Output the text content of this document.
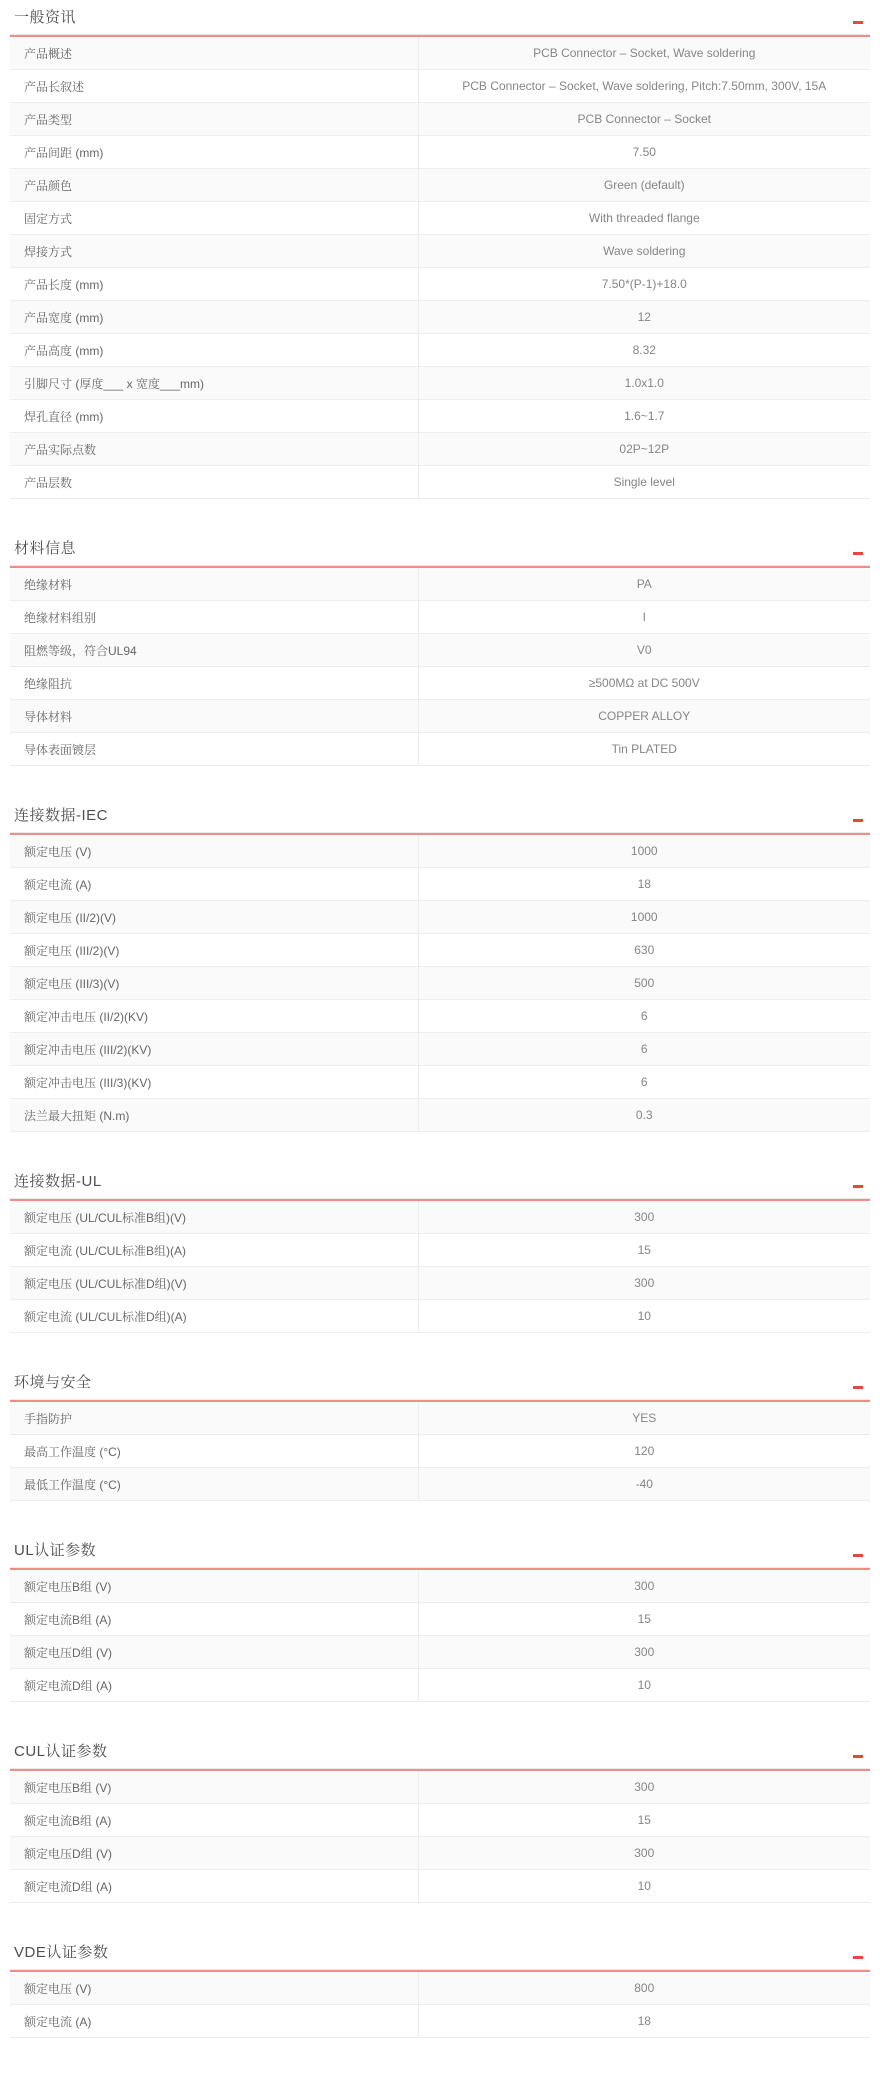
一般资讯
产品概述	PCB Connector – Socket, Wave soldering
产品长叙述	PCB Connector – Socket, Wave soldering, Pitch:7.50mm, 300V, 15A
产品类型	PCB Connector – Socket
产品间距 (mm)	7.50
产品颜色	Green (default)
固定方式	With threaded flange
焊接方式	Wave soldering
产品长度 (mm)	7.50*(P-1)+18.0
产品宽度 (mm)	12
产品高度 (mm)	8.32
引脚尺寸 (厚度___ x 宽度___mm)	1.0x1.0
焊孔直径 (mm)	1.6~1.7
产品实际点数	02P~12P
产品层数	Single level
材料信息
绝缘材料	PA
绝缘材料组别	I
阻燃等级，符合UL94	V0
绝缘阻抗	≥500MΩ at DC 500V
导体材料	COPPER ALLOY
导体表面镀层	Tin PLATED
连接数据-IEC
额定电压 (V)	1000
额定电流 (A)	18
额定电压 (II/2)(V)	1000
额定电压 (III/2)(V)	630
额定电压 (III/3)(V)	500
额定冲击电压 (II/2)(KV)	6
额定冲击电压 (III/2)(KV)	6
额定冲击电压 (III/3)(KV)	6
法兰最大扭矩 (N.m)	0.3
连接数据-UL
额定电压 (UL/CUL标准B组)(V)	300
额定电流 (UL/CUL标准B组)(A)	15
额定电压 (UL/CUL标准D组)(V)	300
额定电流 (UL/CUL标准D组)(A)	10
环境与安全
手指防护	YES
最高工作温度 (°C)	120
最低工作温度 (°C)	-40
UL认证参数
额定电压B组 (V)	300
额定电流B组 (A)	15
额定电压D组 (V)	300
额定电流D组 (A)	10
CUL认证参数
额定电压B组 (V)	300
额定电流B组 (A)	15
额定电压D组 (V)	300
额定电流D组 (A)	10
VDE认证参数
额定电压 (V)	800
额定电流 (A)	18
